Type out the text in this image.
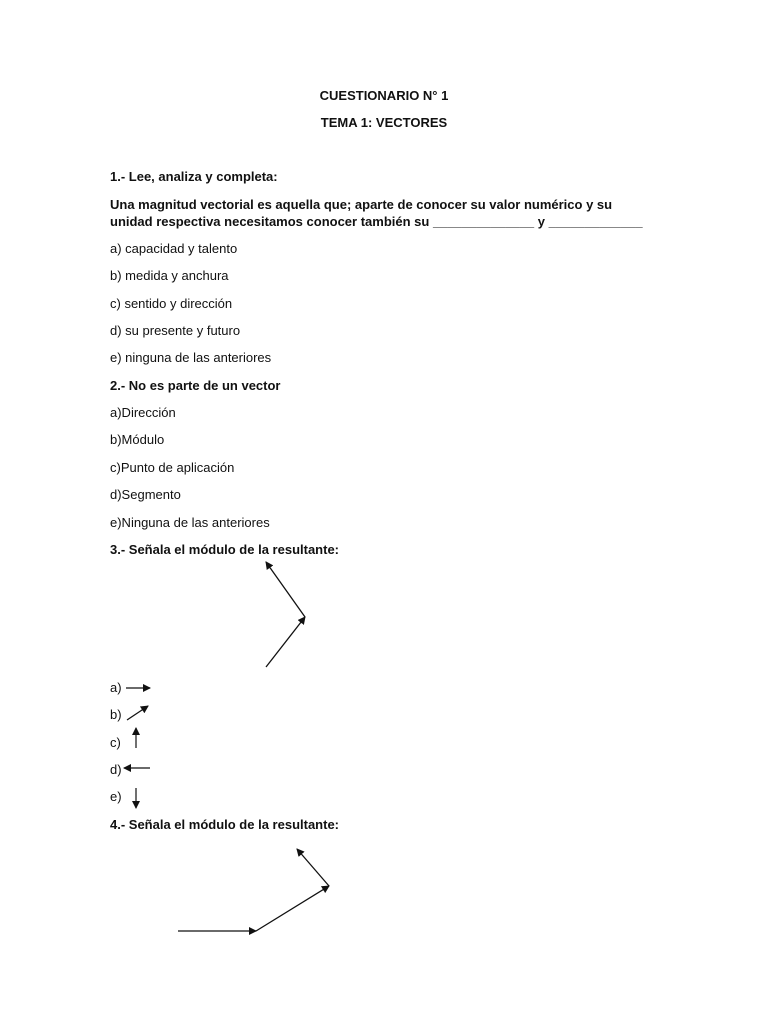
CUESTIONARIO N° 1
TEMA 1: VECTORES
1.- Lee, analiza y completa:
Una magnitud vectorial es aquella que; aparte de conocer su valor numérico y su unidad respectiva necesitamos conocer también su ______________ y _____________
a) capacidad y talento
b) medida y anchura
c) sentido y dirección
d) su presente y futuro
e) ninguna de las anteriores
2.- No es parte de un vector
a)Dirección
b)Módulo
c)Punto de aplicación
d)Segmento
e)Ninguna de las anteriores
3.- Señala el módulo de la resultante:
a)
b)
c)
d)
e)
4.- Señala el módulo de la resultante:
